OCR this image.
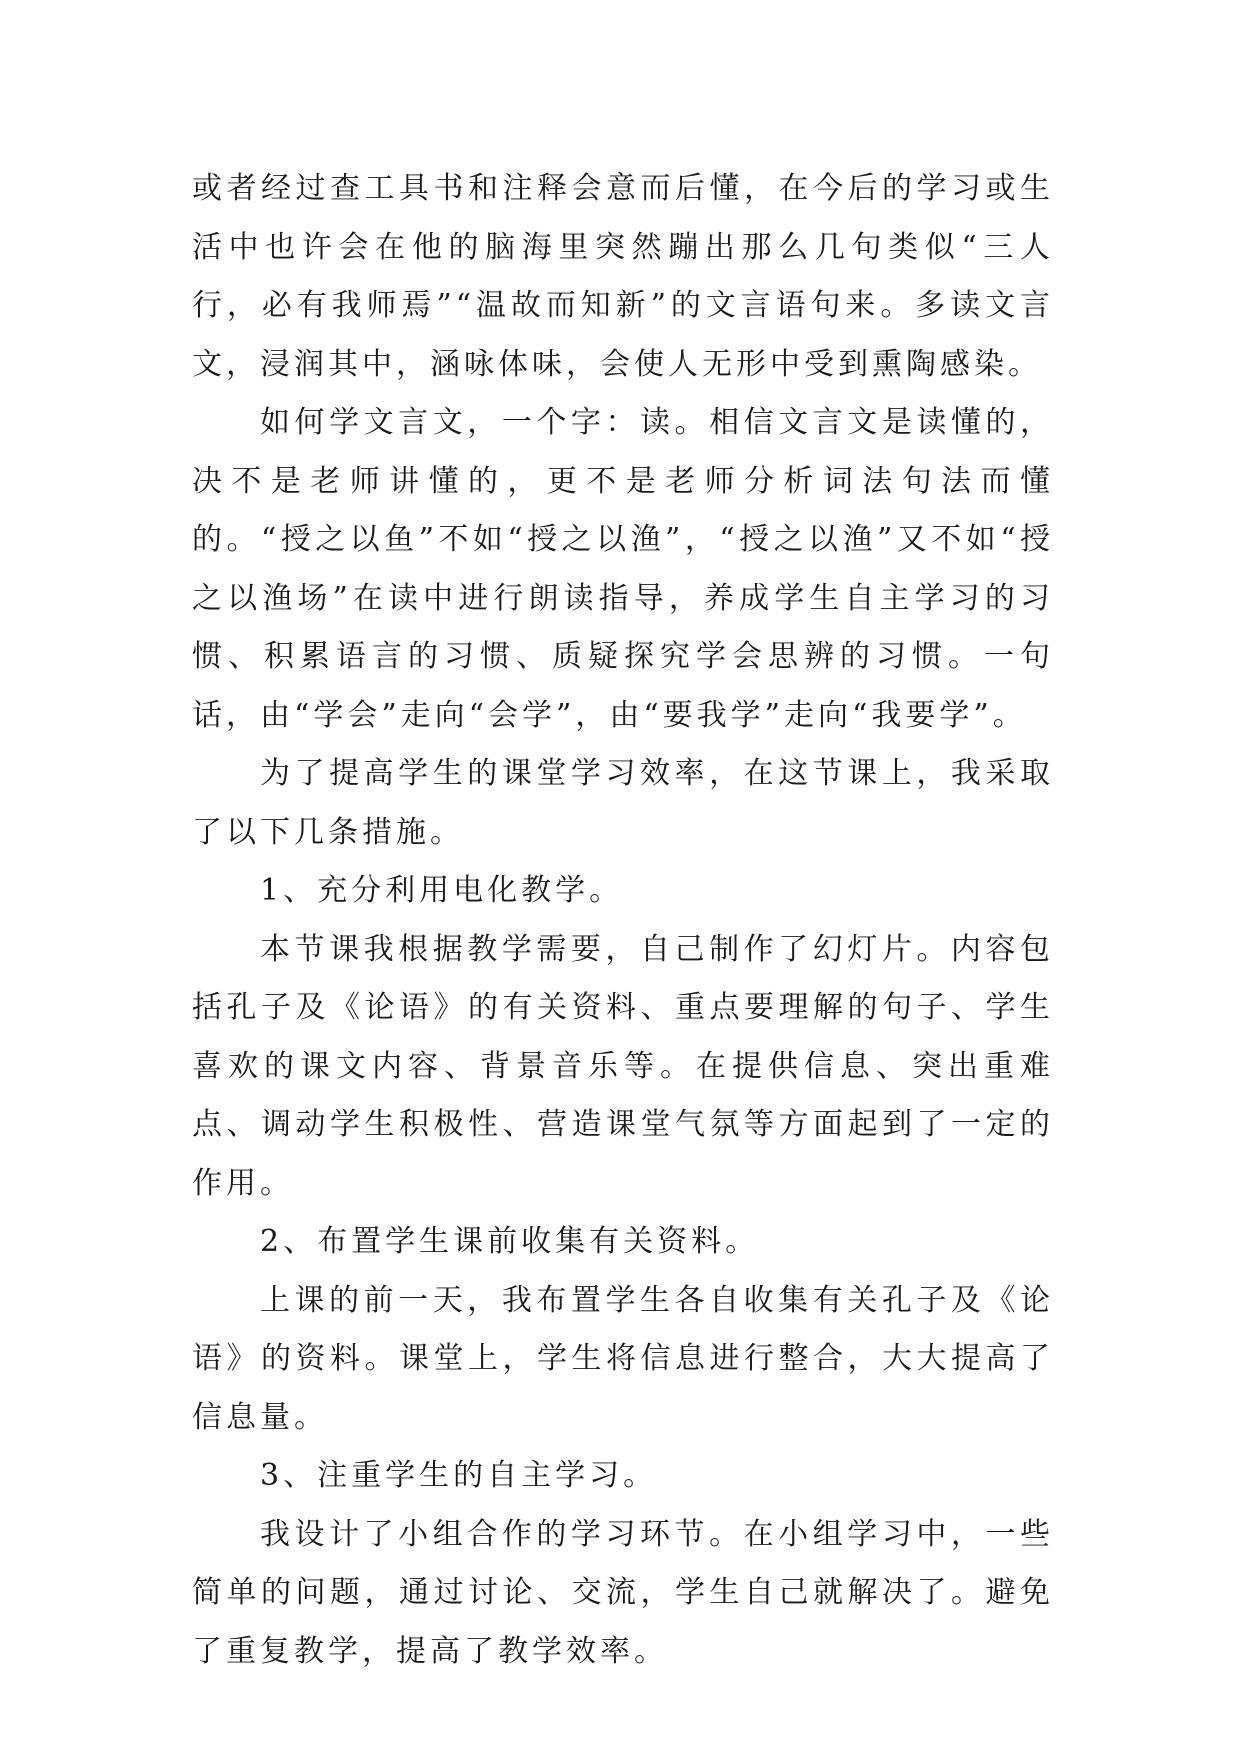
或者经过查工具书和注释会意而后懂，在今后的学习或生活中也许会在他的脑海里突然蹦出那么几句类似“三人行，必有我师焉”“温故而知新”的文言语句来。多读文言文，浸润其中，涵咏体味，会使人无形中受到熏陶感染。

如何学文言文，一个字：读。相信文言文是读懂的，决不是老师讲懂的，更不是老师分析词法句法而懂的。“授之以鱼”不如“授之以渔”，“授之以渔”又不如“授之以渔场”在读中进行朗读指导，养成学生自主学习的习惯、积累语言的习惯、质疑探究学会思辨的习惯。一句话，由“学会”走向“会学”，由“要我学”走向“我要学”。

为了提高学生的课堂学习效率，在这节课上，我采取了以下几条措施。

1、充分利用电化教学。

本节课我根据教学需要，自己制作了幻灯片。内容包括孔子及《论语》的有关资料、重点要理解的句子、学生喜欢的课文内容、背景音乐等。在提供信息、突出重难点、调动学生积极性、营造课堂气氛等方面起到了一定的作用。

2、布置学生课前收集有关资料。

上课的前一天，我布置学生各自收集有关孔子及《论语》的资料。课堂上，学生将信息进行整合，大大提高了信息量。

3、注重学生的自主学习。

我设计了小组合作的学习环节。在小组学习中，一些简单的问题，通过讨论、交流，学生自己就解决了。避免了重复教学，提高了教学效率。
